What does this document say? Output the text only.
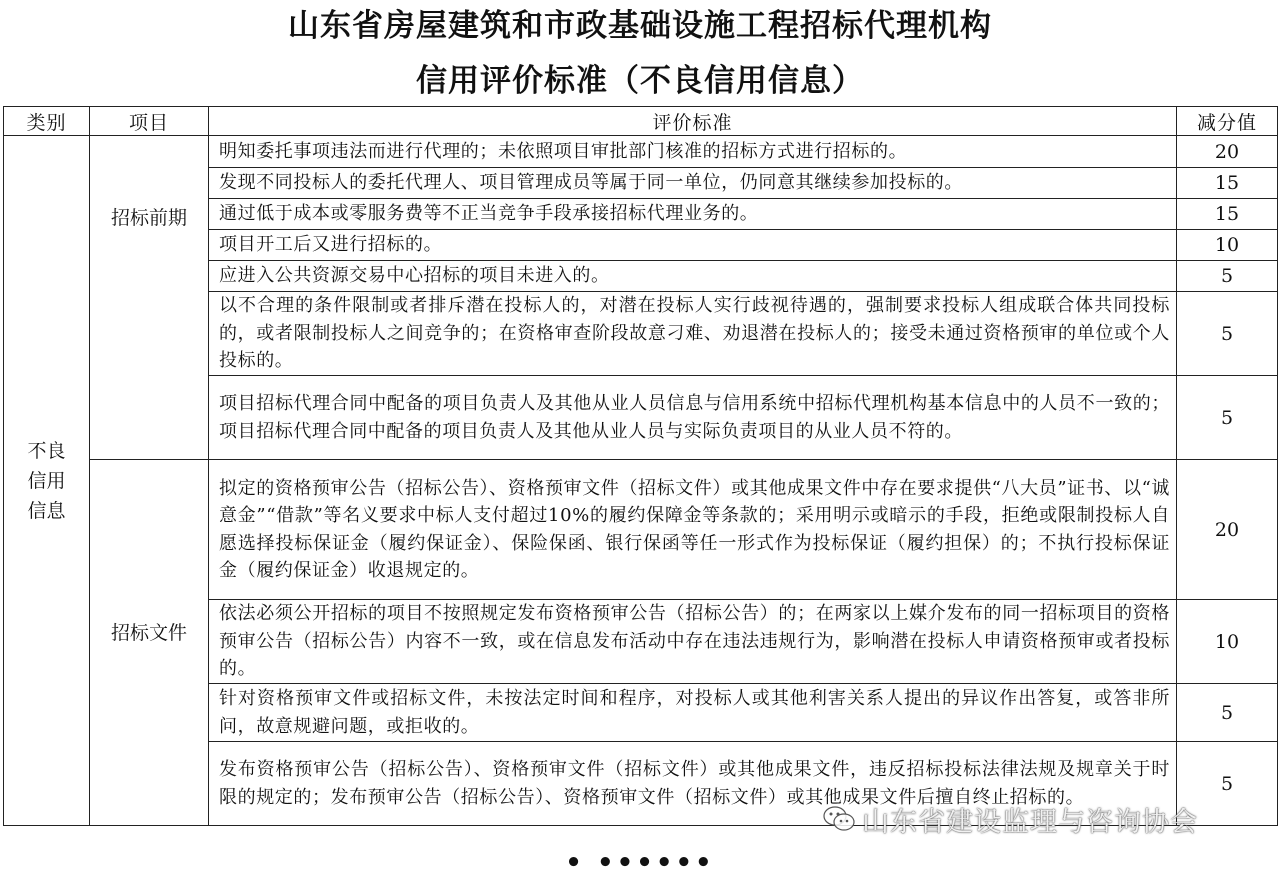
山东省房屋建筑和市政基础设施工程招标代理机构
信用评价标准（不良信用信息）
类别	项目	评价标准	减分值

不良
信用
信息	招标前期	明知委托事项违法而进行代理的；未依照项目审批部门核准的招标方式进行招标的。	20
		发现不同投标人的委托代理人、项目管理成员等属于同一单位，仍同意其继续参加投标的。	15
		通过低于成本或零服务费等不正当竞争手段承接招标代理业务的。	15
		项目开工后又进行招标的。	10
		应进入公共资源交易中心招标的项目未进入的。	5
		以不合理的条件限制或者排斥潜在投标人的，对潜在投标人实行歧视待遇的，强制要求投标人组成联合体共同投标的，或者限制投标人之间竞争的；在资格审查阶段故意刁难、劝退潜在投标人的；接受未通过资格预审的单位或个人投标的。	5
		项目招标代理合同中配备的项目负责人及其他从业人员信息与信用系统中招标代理机构基本信息中的人员不一致的；项目招标代理合同中配备的项目负责人及其他从业人员与实际负责项目的从业人员不符的。	5
	招标文件	拟定的资格预审公告（招标公告）、资格预审文件（招标文件）或其他成果文件中存在要求提供“八大员”证书、以“诚意金”“借款”等名义要求中标人支付超过10%的履约保障金等条款的；采用明示或暗示的手段，拒绝或限制投标人自愿选择投标保证金（履约保证金）、保险保函、银行保函等任一形式作为投标保证（履约担保）的；不执行投标保证金（履约保证金）收退规定的。	20
		依法必须公开招标的项目不按照规定发布资格预审公告（招标公告）的；在两家以上媒介发布的同一招标项目的资格预审公告（招标公告）内容不一致，或在信息发布活动中存在违法违规行为，影响潜在投标人申请资格预审或者投标的。	10
		针对资格预审文件或招标文件，未按法定时间和程序，对投标人或其他利害关系人提出的异议作出答复，或答非所问，故意规避问题，或拒收的。	5
		发布资格预审公告（招标公告）、资格预审文件（招标文件）或其他成果文件，违反招标投标法律法规及规章关于时限的规定的；发布预审公告（招标公告）、资格预审文件（招标文件）或其他成果文件后擅自终止招标的。	5
山东省建设监理与咨询协会
• ••••••
